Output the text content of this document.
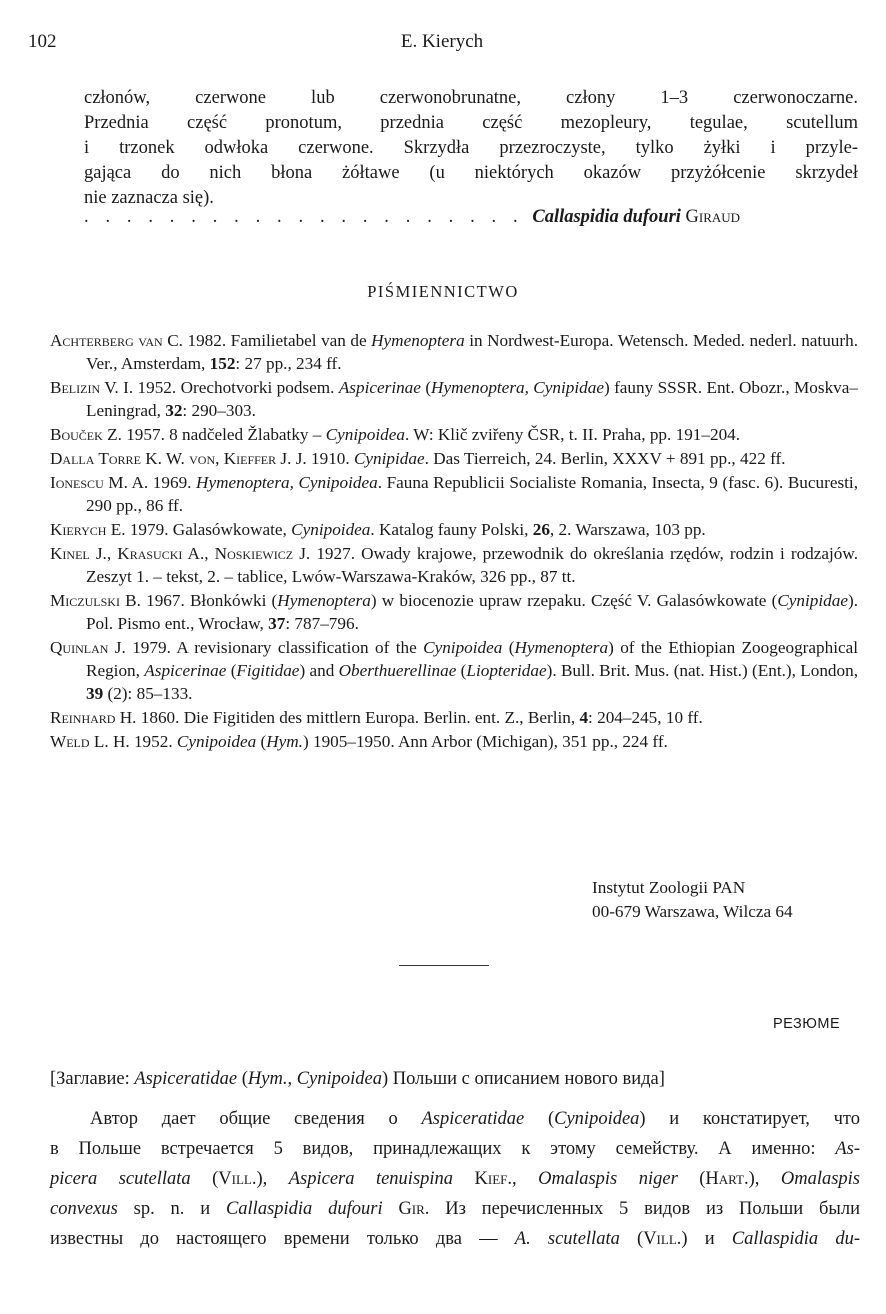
102	E. Kierych
członów, czerwone lub czerwonobrunatne, człony 1–3 czerwonoczarne.
Przednia część pronotum, przednia część mezopleury, tegulae, scutellum
i trzonek odwłoka czerwone. Skrzydła przezroczyste, tylko żyłki i przyle-
gająca do nich błona żółtawe (u niektórych okazów przyżółcenie skrzydeł
nie zaznacza się).
. . . . . . . . . . . . . . . . . . . . . Callaspidia dufouri Giraud
PIŚMIENNICTWO
Achterberg van C. 1982. Familietabel van de Hymenoptera in Nordwest-Europa. Wetensch. Meded. nederl. natuurh. Ver., Amsterdam, 152: 27 pp., 234 ff.
Belizin V. I. 1952. Orechotvorki podsem. Aspicerinae (Hymenoptera, Cynipidae) fauny SSSR. Ent. Obozr., Moskva–Leningrad, 32: 290–303.
Bouček Z. 1957. 8 nadčeled Žlabatky – Cynipoidea. W: Klič zviřeny ČSR, t. II. Praha, pp. 191–204.
Dalla Torre K. W. von, Kieffer J. J. 1910. Cynipidae. Das Tierreich, 24. Berlin, XXXV + 891 pp., 422 ff.
Ionescu M. A. 1969. Hymenoptera, Cynipoidea. Fauna Republicii Socialiste Romania, Insecta, 9 (fasc. 6). Bucuresti, 290 pp., 86 ff.
Kierych E. 1979. Galasówkowate, Cynipoidea. Katalog fauny Polski, 26, 2. Warszawa, 103 pp.
Kinel J., Krasucki A., Noskiewicz J. 1927. Owady krajowe, przewodnik do określania rzędów, rodzin i rodzajów. Zeszyt 1. – tekst, 2. – tablice, Lwów-Warszawa-Kraków, 326 pp., 87 tt.
Miczulski B. 1967. Błonkówki (Hymenoptera) w biocenozie upraw rzepaku. Część V. Galasówkowate (Cynipidae). Pol. Pismo ent., Wrocław, 37: 787–796.
Quinlan J. 1979. A revisionary classification of the Cynipoidea (Hymenoptera) of the Ethiopian Zoogeographical Region, Aspicerinae (Figitidae) and Oberthuerellinae (Liopteridae). Bull. Brit. Mus. (nat. Hist.) (Ent.), London, 39 (2): 85–133.
Reinhard H. 1860. Die Figitiden des mittlern Europa. Berlin. ent. Z., Berlin, 4: 204–245, 10 ff.
Weld L. H. 1952. Cynipoidea (Hym.) 1905–1950. Ann Arbor (Michigan), 351 pp., 224 ff.
Instytut Zoologii PAN
00-679 Warszawa, Wilcza 64
РЕЗЮМЕ
[Заглавие: Aspiceratidae (Hym., Cynipoidea) Польши с описанием нового вида]
Автор дает общие сведения о Aspiceratidae (Cynipoidea) и констатирует, что
в Польше встречается 5 видов, принадлежащих к этому семейству. А именно: As-
picera scutellata (Vill.), Aspicera tenuispina Kief., Omalaspis niger (Hart.), Omalaspis
convexus sp. n. и Callaspidia dufouri Gir. Из перечисленных 5 видов из Польши были
известны до настоящего времени только два — A. scutellata (Vill.) и Callaspidia du-
